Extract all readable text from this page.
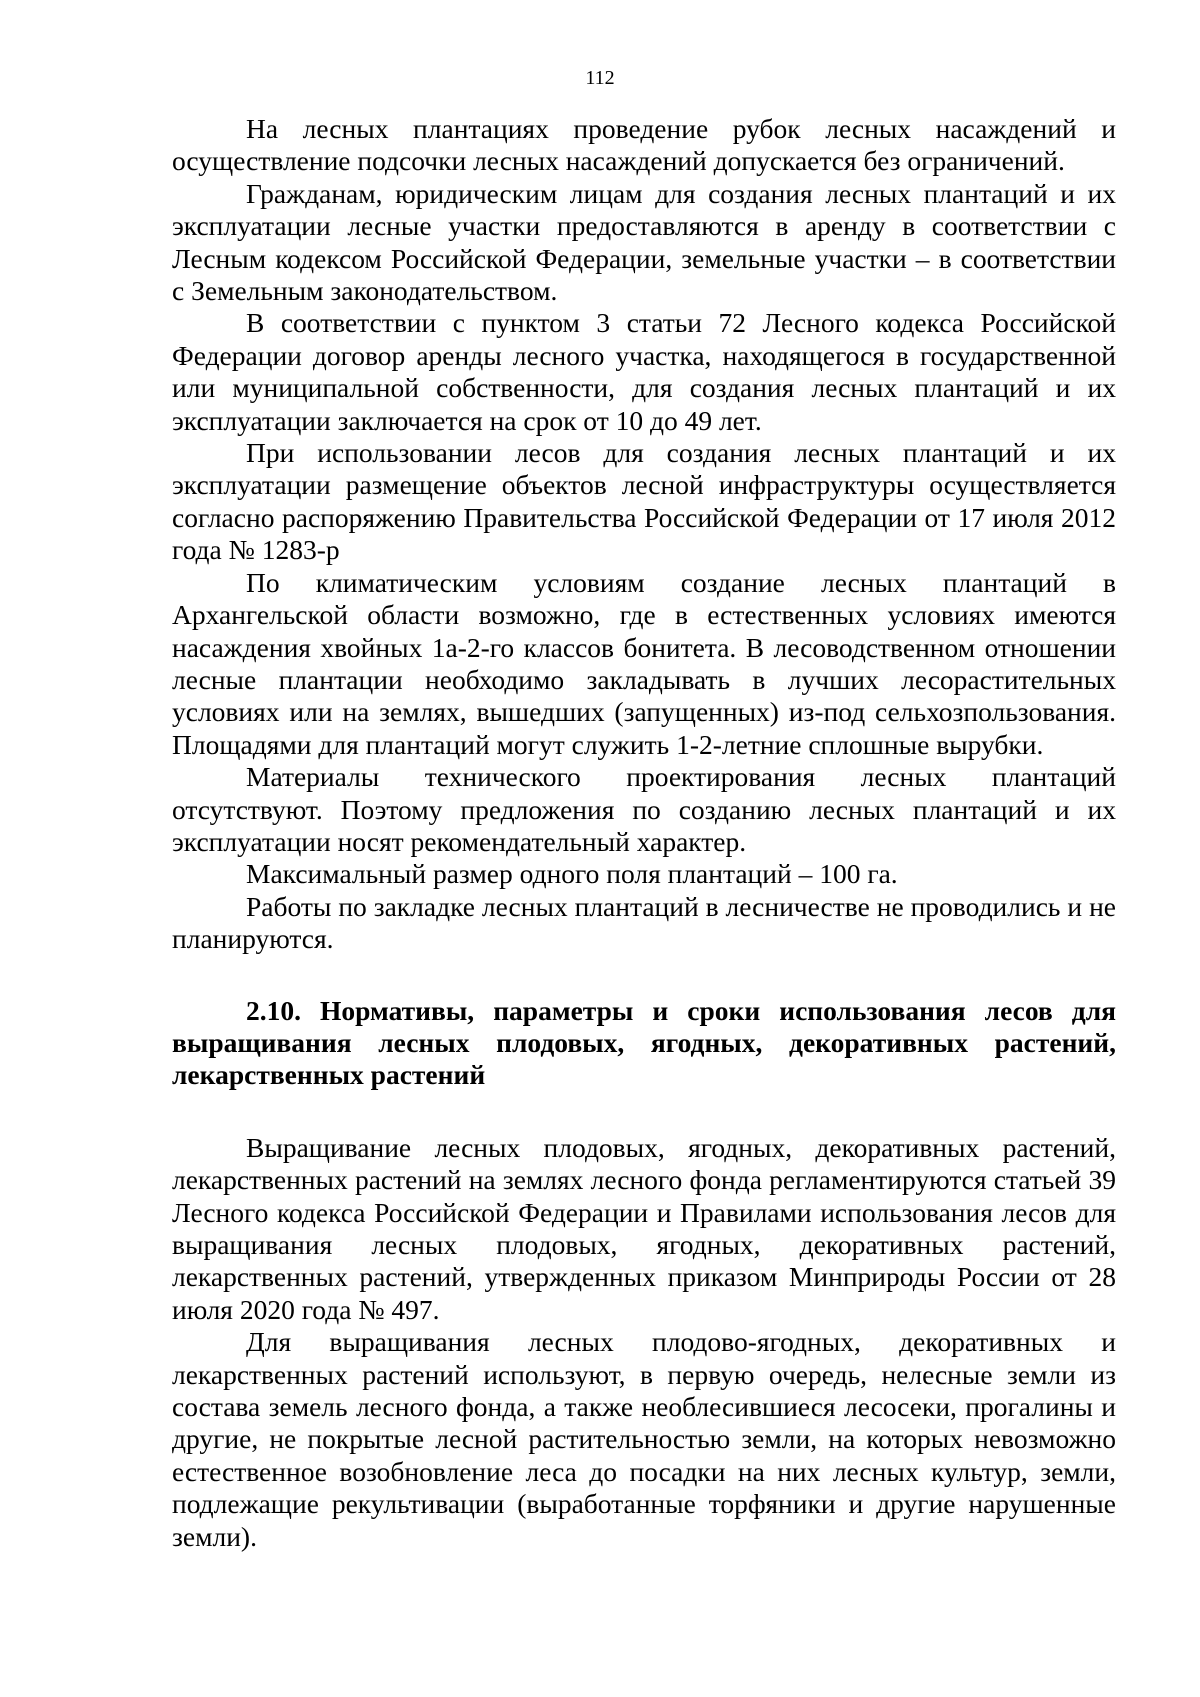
112

На лесных плантациях проведение рубок лесных насаждений и осуществление подсочки лесных насаждений допускается без ограничений.

Гражданам, юридическим лицам для создания лесных плантаций и их эксплуатации лесные участки предоставляются в аренду в соответствии с Лесным кодексом Российской Федерации, земельные участки – в соответствии с Земельным законодательством.

В соответствии с пунктом 3 статьи 72 Лесного кодекса Российской Федерации договор аренды лесного участка, находящегося в государственной или муниципальной собственности, для создания лесных плантаций и их эксплуатации заключается на срок от 10 до 49 лет.

При использовании лесов для создания лесных плантаций и их эксплуатации размещение объектов лесной инфраструктуры осуществляется согласно распоряжению Правительства Российской Федерации от 17 июля 2012 года № 1283-р

По климатическим условиям создание лесных плантаций в Архангельской области возможно, где в естественных условиях имеются насаждения хвойных 1а-2-го классов бонитета. В лесоводственном отношении лесные плантации необходимо закладывать в лучших лесорастительных условиях или на землях, вышедших (запущенных) из-под сельхозпользования. Площадями для плантаций могут служить 1-2-летние сплошные вырубки.

Материалы технического проектирования лесных плантаций отсутствуют. Поэтому предложения по созданию лесных плантаций и их эксплуатации носят рекомендательный характер.

Максимальный размер одного поля плантаций – 100 га.

Работы по закладке лесных плантаций в лесничестве не проводились и не планируются.

2.10. Нормативы, параметры и сроки использования лесов для выращивания лесных плодовых, ягодных, декоративных растений, лекарственных растений

Выращивание лесных плодовых, ягодных, декоративных растений, лекарственных растений на землях лесного фонда регламентируются статьей 39 Лесного кодекса Российской Федерации и Правилами использования лесов для выращивания лесных плодовых, ягодных, декоративных растений, лекарственных растений, утвержденных приказом Минприроды России от 28 июля 2020 года № 497.

Для выращивания лесных плодово-ягодных, декоративных и лекарственных растений используют, в первую очередь, нелесные земли из состава земель лесного фонда, а также необлесившиеся лесосеки, прогалины и другие, не покрытые лесной растительностью земли, на которых невозможно естественное возобновление леса до посадки на них лесных культур, земли, подлежащие рекультивации (выработанные торфяники и другие нарушенные земли).
